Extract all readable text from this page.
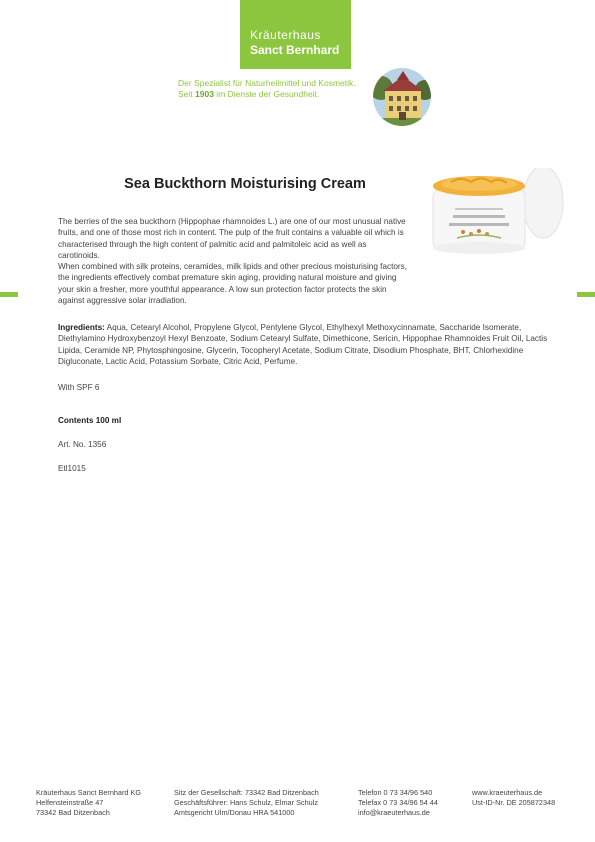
Kräuterhaus
Sanct Bernhard
Der Spezialist für Naturheilmittel und Kosmetik.
Seit 1903 im Dienste der Gesundheit.
Sea Buckthorn Moisturising Cream
The berries of the sea buckthorn (Hippophae rhamnoides L.) are one of our most unusual native fruits, and one of those most rich in content. The pulp of the fruit contains a valuable oil which is characterised through the high content of palmitic acid and palmitoleic acid as well as carotinoids.
When combined with silk proteins, ceramides, milk lipids and other precious moisturising factors, the ingredients effectively combat premature skin aging, providing natural moisture and giving your skin a fresher, more youthful appearance. A low sun protection factor protects the skin against aggressive solar irradiation.
Ingredients: Aqua, Cetearyl Alcohol, Propylene Glycol, Pentylene Glycol, Ethylhexyl Methoxycinnamate, Saccharide Isomerate, Diethylamino Hydroxybenzoyl Hexyl Benzoate, Sodium Cetearyl Sulfate, Dimethicone, Sericin, Hippophae Rhamnoides Fruit Oil, Lactis Lipida, Ceramide NP, Phytosphingosine, Glycerin, Tocopheryl Acetate, Sodium Citrate, Disodium Phosphate, BHT, Chlorhexidine Digluconate, Lactic Acid, Potassium Sorbate, Citric Acid, Perfume.
With SPF 6
Contents 100 ml
Art. No. 1356
Etl1015
Kräuterhaus Sanct Bernhard KG
Helfensteinstraße 47
73342 Bad Ditzenbach
Sitz der Gesellschaft: 73342 Bad Ditzenbach
Geschäftsführer: Hans Schulz, Elmar Schulz
Amtsgericht Ulm/Donau HRA 541000
Telefon 0 73 34/96 540
Telefax 0 73 34/96 54 44
info@kraeuterhaus.de
www.kraeuterhaus.de
Ust-ID-Nr. DE 205872348
